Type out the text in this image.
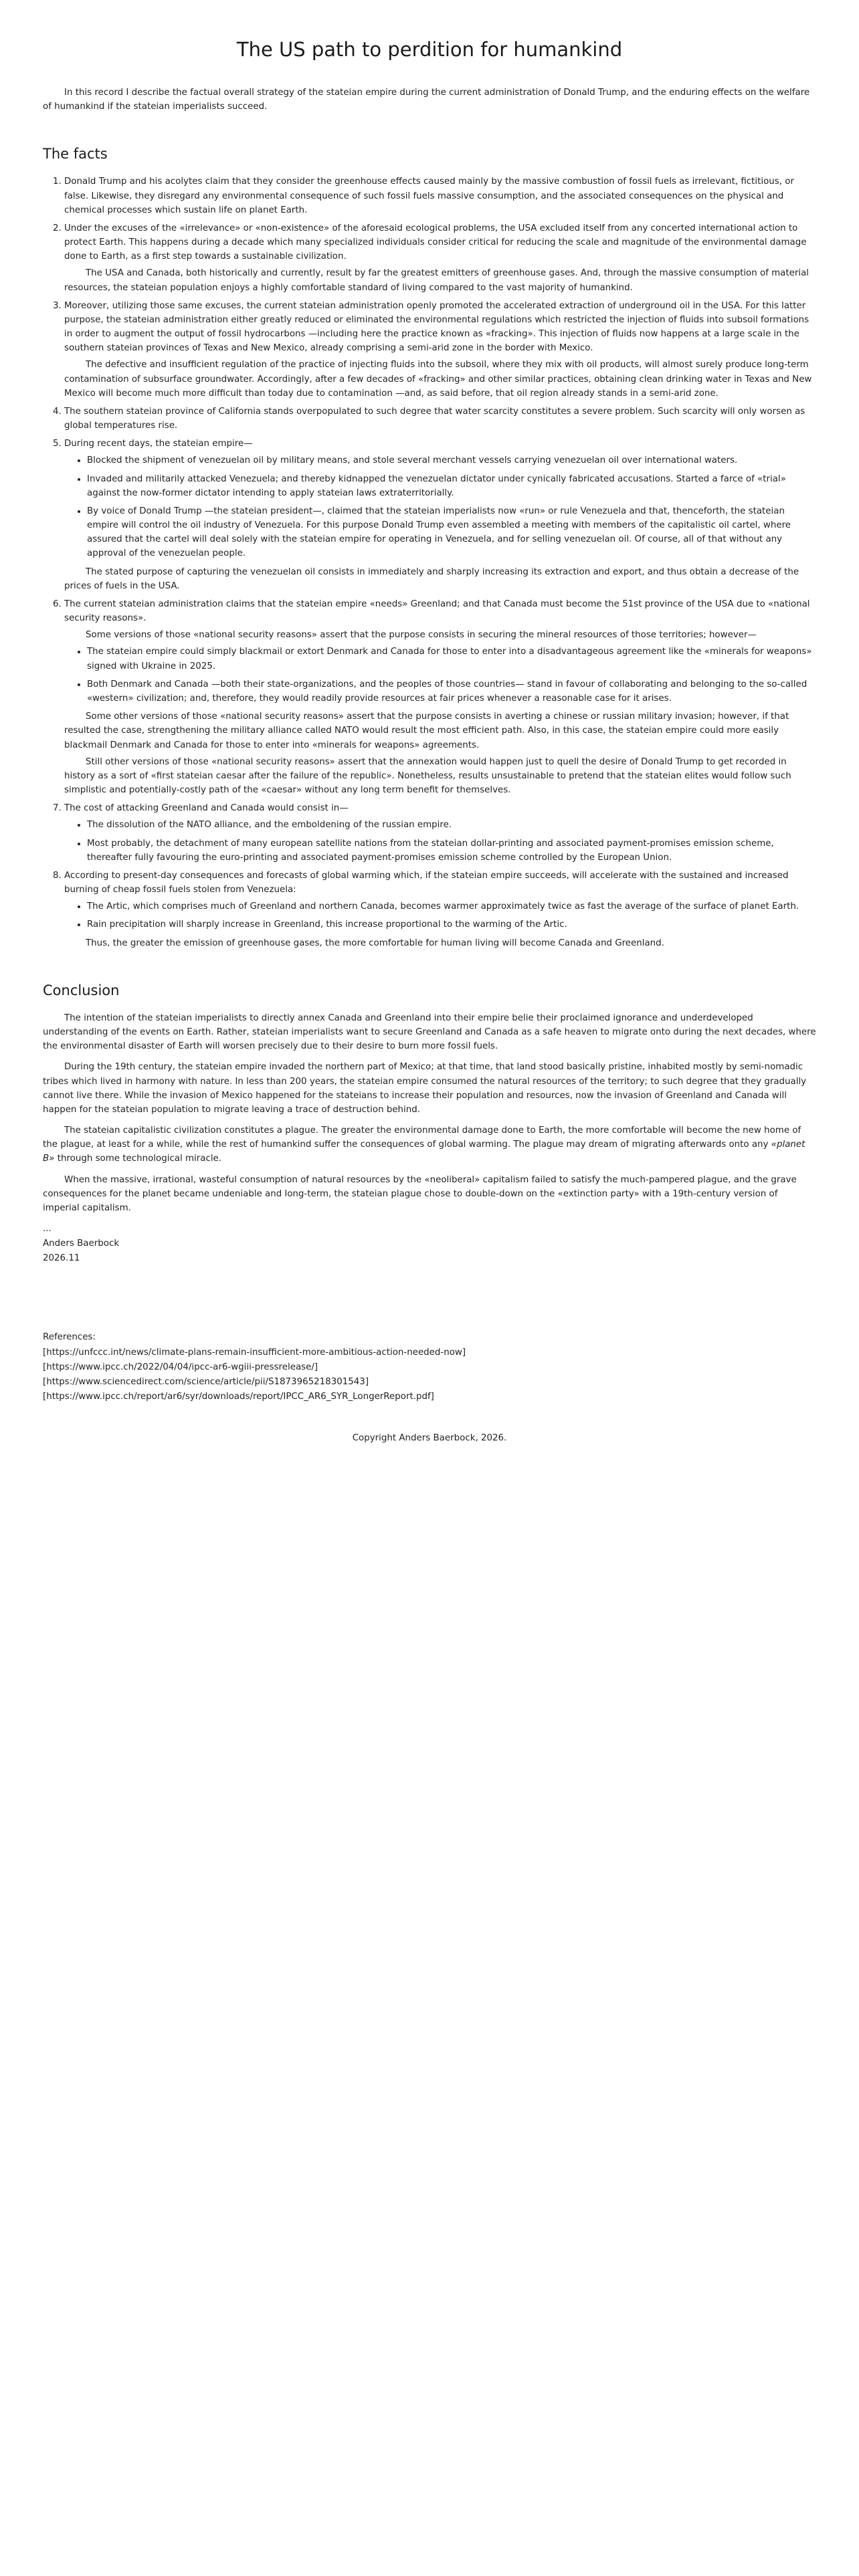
The US path to perdition for humankind

In this record I describe the factual overall strategy of the stateian empire during the current administration of Donald Trump, and the enduring effects on the welfare of humankind if the stateian imperialists succeed.

The facts
1. Donald Trump and his acolytes claim that they consider the greenhouse effects caused mainly by the massive combustion of fossil fuels as irrelevant, fictitious, or false. Likewise, they disregard any environmental consequence of such fossil fuels massive consumption, and the associated consequences on the physical and chemical processes which sustain life on planet Earth.
2. Under the excuses of the «irrelevance» or «non-existence» of the aforesaid ecological problems, the USA excluded itself from any concerted international action to protect Earth. This happens during a decade which many specialized individuals consider critical for reducing the scale and magnitude of the environmental damage done to Earth, as a first step towards a sustainable civilization.

The USA and Canada, both historically and currently, result by far the greatest emitters of greenhouse gases. And, through the massive consumption of material resources, the stateian population enjoys a highly comfortable standard of living compared to the vast majority of humankind.

3. Moreover, utilizing those same excuses, the current stateian administration openly promoted the accelerated extraction of underground oil in the USA. For this latter purpose, the stateian administration either greatly reduced or eliminated the environmental regulations which restricted the injection of fluids into subsoil formations in order to augment the output of fossil hydrocarbons —including here the practice known as «fracking». This injection of fluids now happens at a large scale in the southern stateian provinces of Texas and New Mexico, already comprising a semi-arid zone in the border with Mexico.

The defective and insufficient regulation of the practice of injecting fluids into the subsoil, where they mix with oil products, will almost surely produce long-term contamination of subsurface groundwater. Accordingly, after a few decades of «fracking» and other similar practices, obtaining clean drinking water in Texas and New Mexico will become much more difficult than today due to contamination —and, as said before, that oil region already stands in a semi-arid zone.

4. The southern stateian province of California stands overpopulated to such degree that water scarcity constitutes a severe problem. Such scarcity will only worsen as global temperatures rise.
5. During recent days, the stateian empire—
• Blocked the shipment of venezuelan oil by military means, and stole several merchant vessels carrying venezuelan oil over international waters.
• Invaded and militarily attacked Venezuela; and thereby kidnapped the venezuelan dictator under cynically fabricated accusations. Started a farce of «trial» against the now-former dictator intending to apply stateian laws extraterritorially.
• By voice of Donald Trump —the stateian president—, claimed that the stateian imperialists now «run» or rule Venezuela and that, thenceforth, the stateian empire will control the oil industry of Venezuela. For this purpose Donald Trump even assembled a meeting with members of the capitalistic oil cartel, where assured that the cartel will deal solely with the stateian empire for operating in Venezuela, and for selling venezuelan oil. Of course, all of that without any approval of the venezuelan people.

The stated purpose of capturing the venezuelan oil consists in immediately and sharply increasing its extraction and export, and thus obtain a decrease of the prices of fuels in the USA.

6. The current stateian administration claims that the stateian empire «needs» Greenland; and that Canada must become the 51st province of the USA due to «national security reasons».

Some versions of those «national security reasons» assert that the purpose consists in securing the mineral resources of those territories; however—

• The stateian empire could simply blackmail or extort Denmark and Canada for those to enter into a disadvantageous agreement like the «minerals for weapons» signed with Ukraine in 2025.
• Both Denmark and Canada —both their state-organizations, and the peoples of those countries— stand in favour of collaborating and belonging to the so-called «western» civilization; and, therefore, they would readily provide resources at fair prices whenever a reasonable case for it arises.

Some other versions of those «national security reasons» assert that the purpose consists in averting a chinese or russian military invasion; however, if that resulted the case, strengthening the military alliance called NATO would result the most efficient path. Also, in this case, the stateian empire could more easily blackmail Denmark and Canada for those to enter into «minerals for weapons» agreements.

Still other versions of those «national security reasons» assert that the annexation would happen just to quell the desire of Donald Trump to get recorded in history as a sort of «first stateian caesar after the failure of the republic». Nonetheless, results unsustainable to pretend that the stateian elites would follow such simplistic and potentially-costly path of the «caesar» without any long term benefit for themselves.

7. The cost of attacking Greenland and Canada would consist in—
• The dissolution of the NATO alliance, and the emboldening of the russian empire.
• Most probably, the detachment of many european satellite nations from the stateian dollar-printing and associated payment-promises emission scheme, thereafter fully favouring the euro-printing and associated payment-promises emission scheme controlled by the European Union.
8. According to present-day consequences and forecasts of global warming which, if the stateian empire succeeds, will accelerate with the sustained and increased burning of cheap fossil fuels stolen from Venezuela:
• The Artic, which comprises much of Greenland and northern Canada, becomes warmer approximately twice as fast the average of the surface of planet Earth.
• Rain precipitation will sharply increase in Greenland, this increase proportional to the warming of the Artic.

Thus, the greater the emission of greenhouse gases, the more comfortable for human living will become Canada and Greenland.

Conclusion

The intention of the stateian imperialists to directly annex Canada and Greenland into their empire belie their proclaimed ignorance and underdeveloped understanding of the events on Earth. Rather, stateian imperialists want to secure Greenland and Canada as a safe heaven to migrate onto during the next decades, where the environmental disaster of Earth will worsen precisely due to their desire to burn more fossil fuels.

During the 19th century, the stateian empire invaded the northern part of Mexico; at that time, that land stood basically pristine, inhabited mostly by semi-nomadic tribes which lived in harmony with nature. In less than 200 years, the stateian empire consumed the natural resources of the territory; to such degree that they gradually cannot live there. While the invasion of Mexico happened for the stateians to increase their population and resources, now the invasion of Greenland and Canada will happen for the stateian population to migrate leaving a trace of destruction behind.

The stateian capitalistic civilization constitutes a plague. The greater the environmental damage done to Earth, the more comfortable will become the new home of the plague, at least for a while, while the rest of humankind suffer the consequences of global warming. The plague may dream of migrating afterwards onto any «planet B» through some technological miracle.

When the massive, irrational, wasteful consumption of natural resources by the «neoliberal» capitalism failed to satisfy the much-pampered plague, and the grave consequences for the planet became undeniable and long-term, the stateian plague chose to double-down on the «extinction party» with a 19th-century version of imperial capitalism.

...
Anders Baerbock
2026.11
References:
[https://unfccc.int/news/climate-plans-remain-insufficient-more-ambitious-action-needed-now]
[https://www.ipcc.ch/2022/04/04/ipcc-ar6-wgiii-pressrelease/]
[https://www.sciencedirect.com/science/article/pii/S1873965218301543]
[https://www.ipcc.ch/report/ar6/syr/downloads/report/IPCC_AR6_SYR_LongerReport.pdf]
Copyright Anders Baerbock, 2026.
